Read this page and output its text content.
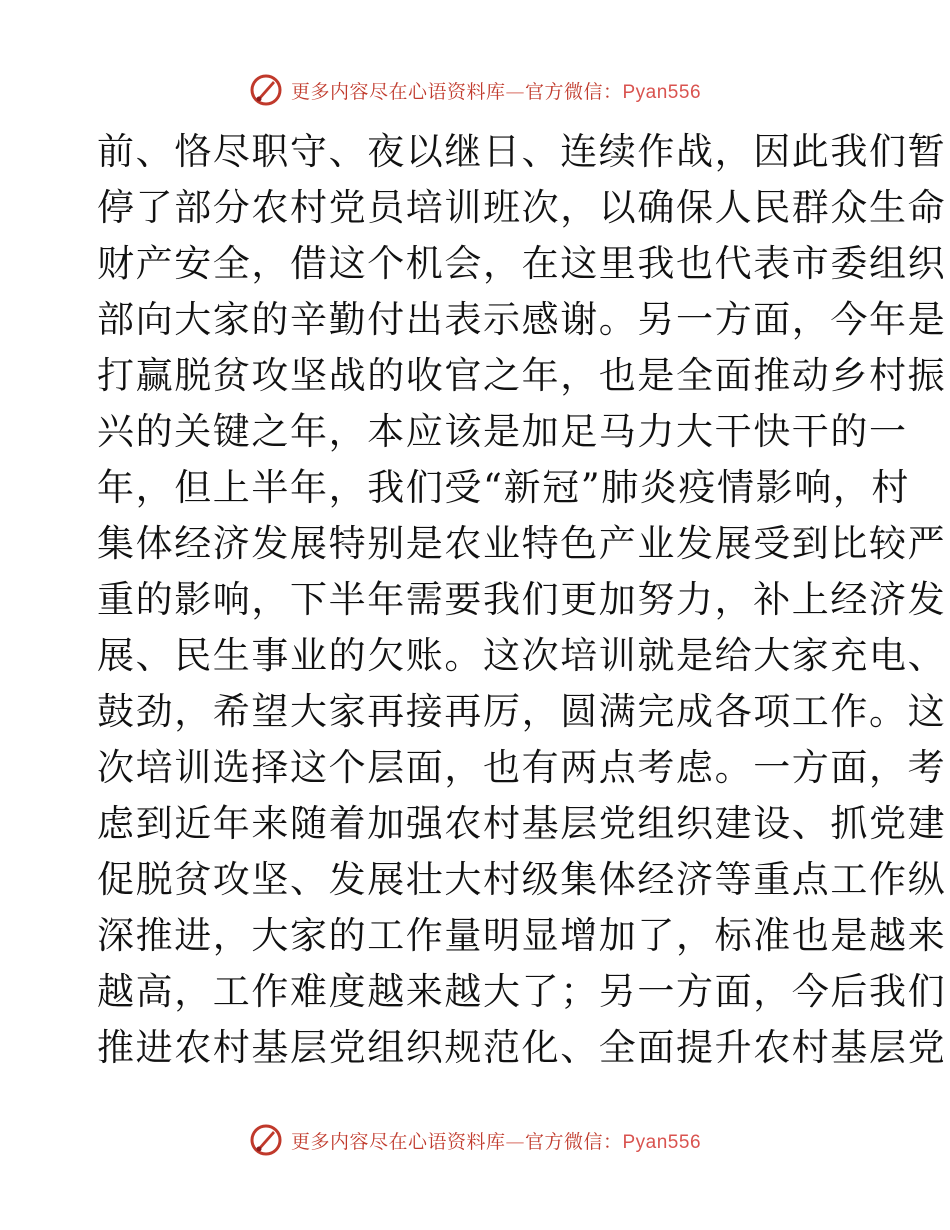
更多内容尽在心语资料库—官方微信：Pyan556
前、恪尽职守、夜以继日、连续作战，因此我们暂
停了部分农村党员培训班次，以确保人民群众生命
财产安全，借这个机会，在这里我也代表市委组织
部向大家的辛勤付出表示感谢。另一方面，今年是
打赢脱贫攻坚战的收官之年，也是全面推动乡村振
兴的关键之年，本应该是加足马力大干快干的一
年，但上半年，我们受“新冠”肺炎疫情影响，村
集体经济发展特别是农业特色产业发展受到比较严
重的影响，下半年需要我们更加努力，补上经济发
展、民生事业的欠账。这次培训就是给大家充电、
鼓劲，希望大家再接再厉，圆满完成各项工作。这
次培训选择这个层面，也有两点考虑。一方面，考
虑到近年来随着加强农村基层党组织建设、抓党建
促脱贫攻坚、发展壮大村级集体经济等重点工作纵
深推进，大家的工作量明显增加了，标准也是越来
越高，工作难度越来越大了；另一方面，今后我们
推进农村基层党组织规范化、全面提升农村基层党
更多内容尽在心语资料库—官方微信：Pyan556
